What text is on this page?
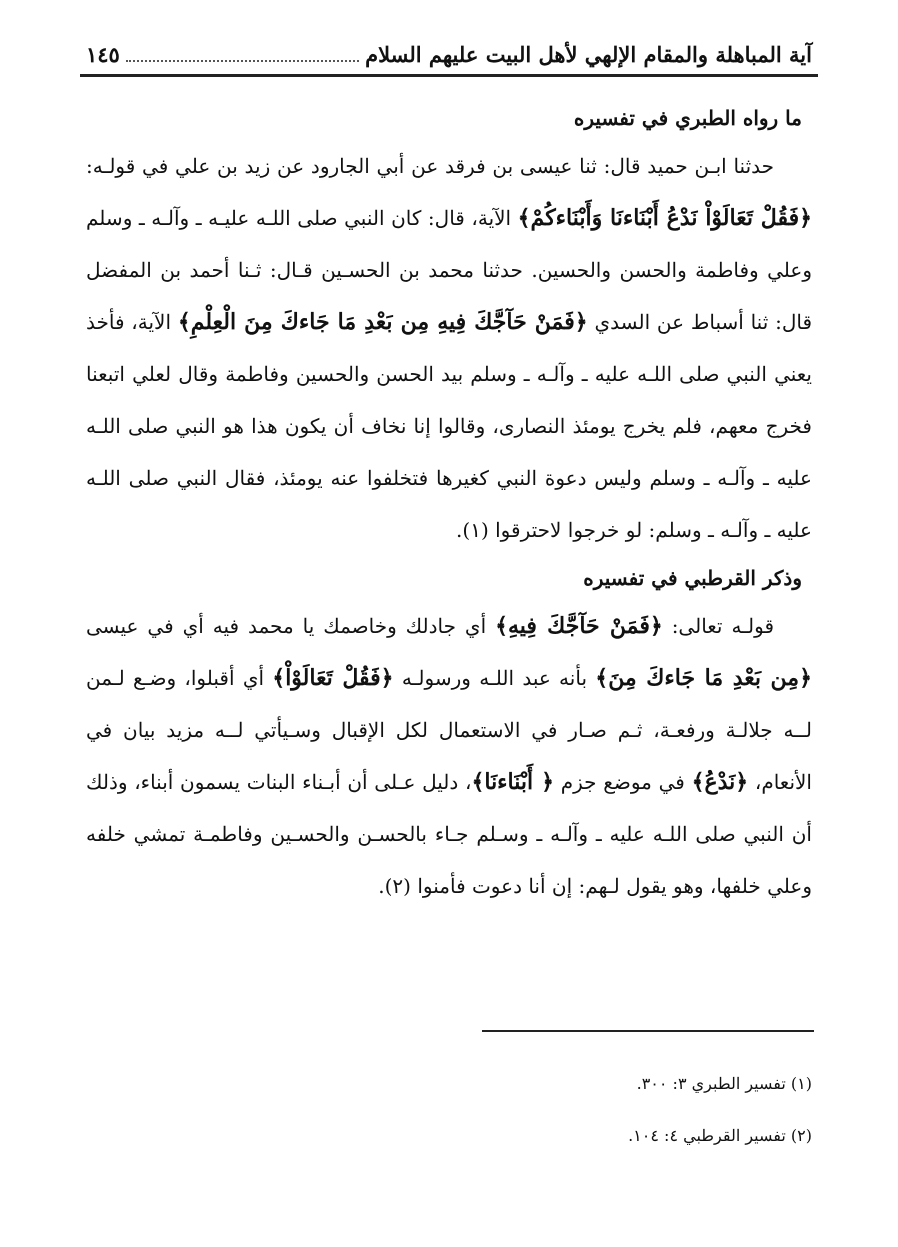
آية المباهلة والمقام الإلهي لأهل البيت عليهم السلام
١٤٥
ما رواه الطبري في تفسيره

حدثنا ابـن حميد قال: ثنا عيسى بن فرقد عن أبي الجارود عن زيد بن علي في قولـه: ﴿فَقُلْ تَعَالَوْاْ نَدْعُ أَبْنَاءنَا وَأَبْنَاءكُمْ﴾ الآية، قال: كان النبي صلى اللـه عليـه ـ وآلـه ـ وسلم وعلي وفاطمة والحسن والحسين. حدثنا محمد بن الحسـين قـال: ثـنا أحمد بن المفضل قال: ثنا أسباط عن السدي ﴿فَمَنْ حَآجَّكَ فِيهِ مِن بَعْدِ مَا جَاءكَ مِنَ الْعِلْمِ﴾ الآية، فأخذ يعني النبي صلى اللـه عليه ـ وآلـه ـ وسلم بيد الحسن والحسين وفاطمة وقال لعلي اتبعنا فخرج معهم، فلم يخرج يومئذ النصارى، وقالوا إنا نخاف أن يكون هذا هو النبي صلى اللـه عليه ـ وآلـه ـ وسلم وليس دعوة النبي كغيرها فتخلفوا عنه يومئذ، فقال النبي صلى اللـه عليه ـ وآلـه ـ وسلم: لو خرجوا لاحترقوا (١).

وذكر القرطبي في تفسيره

قولـه تعالى: ﴿فَمَنْ حَآجَّكَ فِيهِ﴾ أي جادلك وخاصمك يا محمد فيه أي في عيسى ﴿مِن بَعْدِ مَا جَاءكَ مِنَ﴾ بأنه عبد اللـه ورسولـه ﴿فَقُلْ تَعَالَوْاْ﴾ أي أقبلوا، وضـع لـمن لــه جلالـة ورفعـة، ثـم صـار في الاستعمال لكل الإقبال وسـيأتي لــه مزيد بيان في الأنعام، ﴿نَدْعُ﴾ في موضع جزم ﴿ أَبْنَاءنَا﴾، دليل عـلى أن أبـناء البنات يسمون أبناء، وذلك أن النبي صلى اللـه عليه ـ وآلـه ـ وسـلم جـاء بالحسـن والحسـين وفاطمـة تمشي خلفه وعلي خلفها، وهو يقول لـهم: إن أنا دعوت فأمنوا (٢).

(١) تفسير الطبري ٣: ٣٠٠.

(٢) تفسير القرطبي ٤: ١٠٤.
